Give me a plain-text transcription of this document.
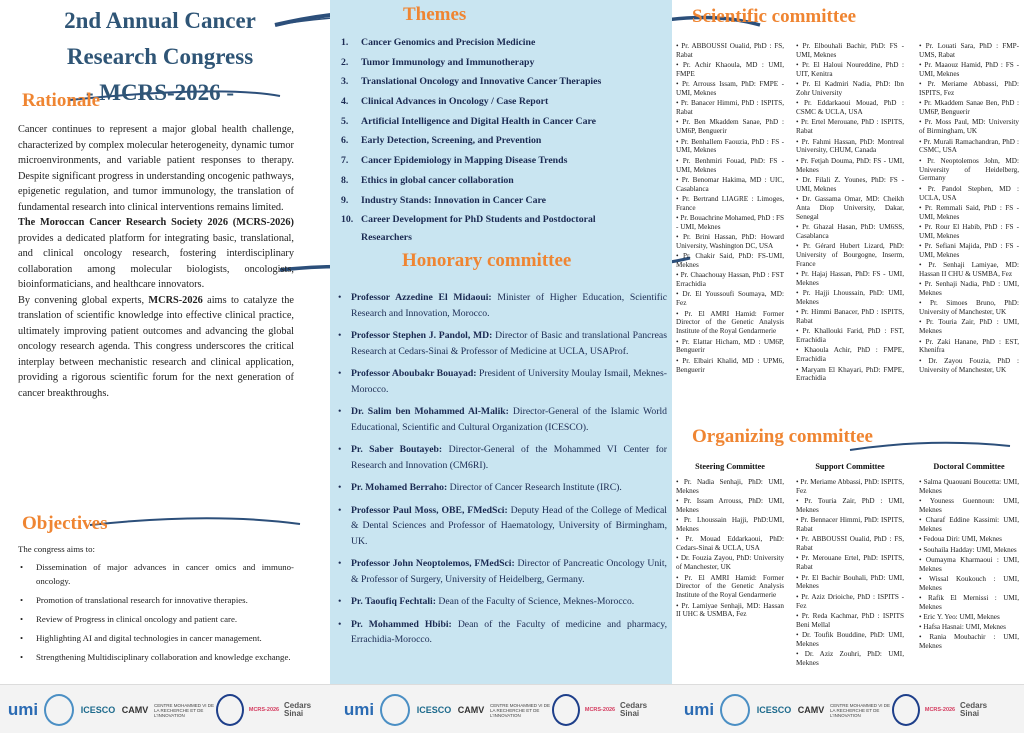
2nd Annual Cancer
Research Congress
- MCRS-2026 -
Rationale

Cancer continues to represent a major global health challenge, characterized by complex molecular heterogeneity, dynamic tumor microenvironments, and variable patient responses to therapy. Despite significant progress in understanding oncogenic pathways, epigenetic regulation, and tumor immunology, the translation of fundamental research into clinical interventions remains limited.

The Moroccan Cancer Research Society 2026 (MCRS-2026) provides a dedicated platform for integrating basic, translational, and clinical oncology research, fostering interdisciplinary collaboration among molecular biologists, oncologists, bioinformaticians, and healthcare innovators.

By convening global experts, MCRS-2026 aims to catalyze the translation of scientific knowledge into effective clinical practice, ultimately improving patient outcomes and advancing the global oncology research agenda. This congress underscores the critical interplay between mechanistic research and clinical application, providing a rigorous scientific forum for the next generation of cancer breakthroughs.

Objectives
The congress aims to:
• Dissemination of major advances in cancer omics and immuno-oncology.
• Promotion of translational research for innovative therapies.
• Review of Progress in clinical oncology and patient care.
• Highlighting AI and digital technologies in cancer management.
• Strengthening Multidisciplinary collaboration and knowledge exchange.
Themes
1.	Cancer Genomics and Precision Medicine
2.	Tumor Immunology and Immunotherapy
3.	Translational Oncology and Innovative Cancer Therapies
4.	Clinical Advances in Oncology / Case Report
5.	Artificial Intelligence and Digital Health in Cancer Care
6.	Early Detection, Screening, and Prevention
7.	Cancer Epidemiology in Mapping Disease Trends
8.	Ethics in global cancer collaboration
9.	Industry Stands: Innovation in Cancer Care
10. Career Development for PhD Students and Postdoctoral Researchers
Honorary committee
• Professor Azzedine El Midaoui: Minister of Higher Education, Scientific Research and Innovation, Morocco.
• Professor Stephen J. Pandol, MD: Director of Basic and translational Pancreas Research at Cedars-Sinai & Professor of Medicine at UCLA, USAProf.
• Professor Aboubakr Bouayad: President of University Moulay Ismail, Meknes-Morocco.
• Dr. Salim ben Mohammed Al-Malik: Director-General of the Islamic World Educational, Scientific and Cultural Organization (ICESCO).
• Pr. Saber Boutayeb: Director-General of the Mohammed VI Center for Research and Innovation (CM6RI).
• Pr. Mohamed Berraho: Director of Cancer Research Institute (IRC).
• Professor Paul Moss, OBE, FMedSci: Deputy Head of the College of Medical & Dental Sciences and Professor of Haematology, University of Birmingham, UK.
• Professor John Neoptolemos, FMedSci: Director of Pancreatic Oncology Unit, & Professor of Surgery, University of Heidelberg, Germany.
• Pr. Taoufiq Fechtali: Dean of the Faculty of Science, Meknes-Morocco.
• Pr. Mohammed Hbibi: Dean of the Faculty of medicine and pharmacy, Errachidia-Morocco.
Scientific committee
• Pr. ABBOUSSI Oualid, PhD : FS, Rabat
• Pr. Achir Khaoula, MD : UMI, FMPE
• Pr. Arrouss Issam, PhD: FMPE - UMI, Meknes
• Pr. Banacer Himmi, PhD : ISPITS, Rabat
• Pr. Ben Mkaddem Sanae, PhD : UM6P, Benguerir
• Pr. Benhallem Faouzia, PhD : FS - UMI, Meknes
• Pr. Benhmiri Fouad, PhD: FS - UMI, Meknes
• Pr. Benomar Hakima, MD : UIC, Casablanca
• Pr. Bertrand LIAGRE : Limoges, France
• Pr. Bouachrine Mohamed, PhD : FS - UMI, Meknes
• Pr. Brini Hassan, PhD: Howard University, Washington DC, USA
• Pr. Chakir Said, PhD: FS-UMI, Meknes
• Pr. Chaachouay Hassan, PhD : FST Errachidia
• Dr. El Youssoufi Soumaya, MD: Fez
• Pr. El AMRI Hamid: Former Director of the Genetic Analysis Institute of the Royal Gendarmerie
• Pr. Elattar Hicham, MD : UM6P, Benguerir
• Pr. Elbairi Khalid, MD : UPM6, Benguerir
• Pr. Elbouhali Bachir, PhD: FS - UMI, Meknes
• Pr. El Haloui Noureddine, PhD : UIT, Kenitra
• Pr. El Kadmiri Nadia, PhD: Ibn Zohr University
• Pr. Eddarkaoui Mouad, PhD : CSMC & UCLA, USA
• Pr. Ertel Merouane, PhD : ISPITS, Rabat
• Pr. Fahmi Hassan, PhD: Montreal University, CHUM, Canada
• Pr. Fetjah Douma, PhD: FS - UMI, Meknes
• Dr. Filali Z. Younes, PhD: FS - UMI, Meknes
• Dr. Gassama Omar, MD: Cheikh Anta Diop University, Dakar, Senegal
• Pr. Ghazal Hasan, PhD: UM6SS, Casablanca
• Pr. Gérard Hubert Lizard, PhD: University of Bourgogne, Inserm, France
• Pr. Hajaj Hassan, PhD: FS - UMI, Meknes
• Pr. Hajji Lhoussain, PhD: UMI, Meknes
• Pr. Himmi Banacer, PhD : ISPITS, Rabat
• Pr. Khallouki Farid, PhD : FST, Errachidia
• Khaoula Achir, PhD : FMPE, Errachidia
• Maryam El Khayari, PhD: FMPE, Errachidia
• Pr. Louati Sara, PhD : FMP-UMS, Rabat
• Pr. Maaouz Hamid, PhD : FS - UMI, Meknes
• Pr. Meriame Abbassi, PhD: ISPITS, Fez
• Pr. Mkaddem Sanae Ben, PhD : UM6P, Benguerir
• Pr. Moss Paul, MD: University of Birmingham, UK
• Pr. Murali Ramachandran, PhD : CSMC, USA
• Pr. Neoptolemos John, MD: University of Heidelberg, Germany
• Pr. Pandol Stephen, MD : UCLA, USA
• Pr. Remmali Said, PhD : FS - UMI, Meknes
• Pr. Rour El Habib, PhD : FS - UMI, Meknes
• Pr. Sefiani Majida, PhD : FS - UMI, Meknes
• Pr. Senhaji Lamiyae, MD: Hassan II CHU & USMBA, Fez
• Pr. Senhaji Nadia, PhD : UMI, Meknes
• Pr. Simoes Bruno, PhD: University of Manchester, UK
• Pr. Touria Zair, PhD : UMI, Meknes
• Pr. Zaki Hanane, PhD : EST, Khenifra
• Dr. Zayou Fouzia, PhD : University of Manchester, UK
Organizing committee
Steering Committee
• Pr. Nadia Senhaji, PhD: UMI, Meknes
• Pr. Issam Arrouss, PhD: UMI, Meknes
• Pr. Lhoussain Hajji, PhD:UMI, Meknes
• Pr. Mouad Eddarkaoui, PhD: Cedars-Sinai & UCLA, USA
• Dr. Fouzia Zayou, PhD: University of Manchester, UK
• Pr. El AMRI Hamid: Former Director of the Genetic Analysis Institute of the Royal Gendarmerie
• Pr. Lamiyae Senhaji, MD: Hassan II UHC & USMBA, Fez
Support Committee
• Pr. Meriame Abbassi, PhD: ISPITS, Fez
• Pr. Touria Zair, PhD : UMI, Meknes
• Pr. Bennacer Himmi, PhD: ISPITS, Rabat
• Pr. ABBOUSSI Oualid, PhD : FS, Rabat
• Pr. Merouane Ertel, PhD: ISPITS, Rabat
• Pr. El Bachir Bouhali, PhD: UMI, Meknes
• Pr. Aziz Drioiche, PhD : ISPITS - Fez
• Pr. Reda Kachmar, PhD : ISPITS Beni Mellal
• Dr. Toufik Bouddine, PhD: UMI, Meknes
• Dr. Aziz Zouhri, PhD: UMI, Meknes
Doctoral Committee
• Salma Quaouani Boucetta: UMI, Meknes
• Youness Guennoun: UMI, Meknes
• Charaf Eddine Kassimi: UMI, Meknes
• Fedoua Diri: UMI, Meknes
• Souhaila Hadday: UMI, Meknes
• Oumayma Kharmaoui : UMI, Meknes
• Wissal Koukouch : UMI, Meknes
• Rafik El Mernissi : UMI, Meknes
• Eric Y. Yeo: UMI, Meknes
• Hafsa Hasnai: UMI, Meknes
• Rania Moubachir : UMI, Meknes
umi	ICESCO CAMV	CENTRE MOHAMMED VI DE LA RECHERCHE ET DE L'INNOVATION
MCRS-2026 Cedars Sinai	umi	ICESCO CAMV	CENTRE MOHAMMED VI DE LA RECHERCHE ET DE L'INNOVATION
MCRS-2026 Cedars Sinai	umi	ICESCO CAMV	CENTRE MOHAMMED VI DE LA RECHERCHE ET DE L'INNOVATION
MCRS-2026 Cedars Sinai
